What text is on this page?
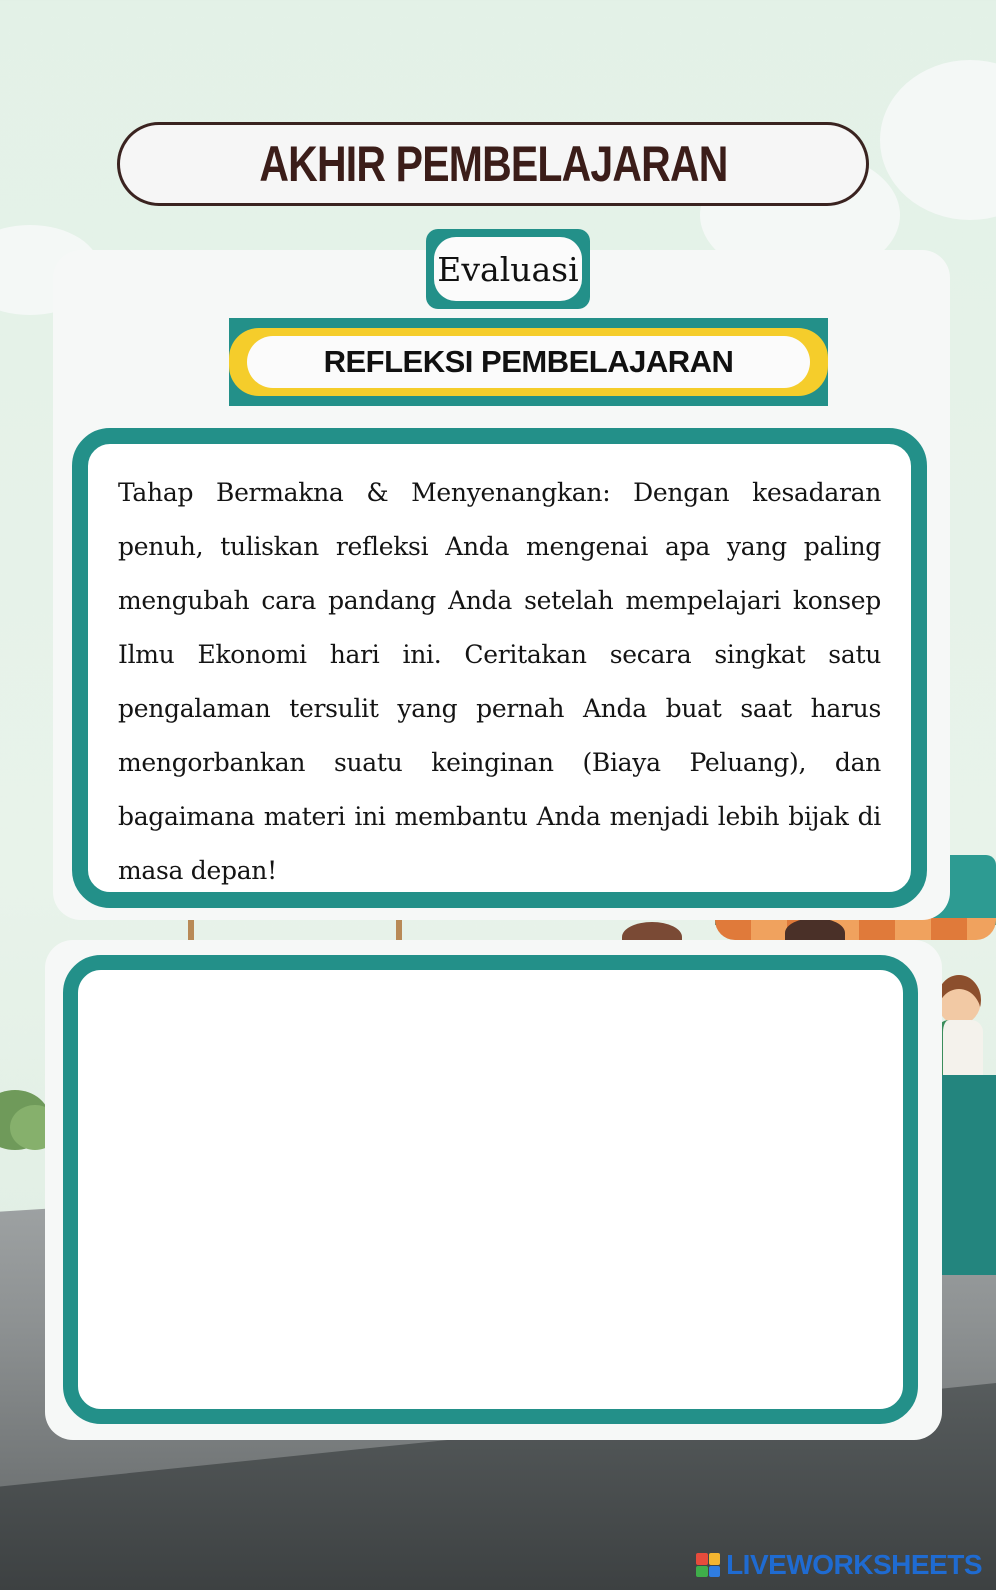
AKHIR PEMBELAJARAN
Evaluasi
REFLEKSI PEMBELAJARAN

Tahap Bermakna & Menyenangkan: Dengan kesadaran penuh, tuliskan refleksi Anda mengenai apa yang paling mengubah cara pandang Anda setelah mempelajari konsep Ilmu Ekonomi hari ini. Ceritakan secara singkat satu pengalaman tersulit yang pernah Anda buat saat harus mengorbankan suatu keinginan (Biaya Peluang), dan bagaimana materi ini membantu Anda menjadi lebih bijak di masa depan!

LIVEWORKSHEETS
